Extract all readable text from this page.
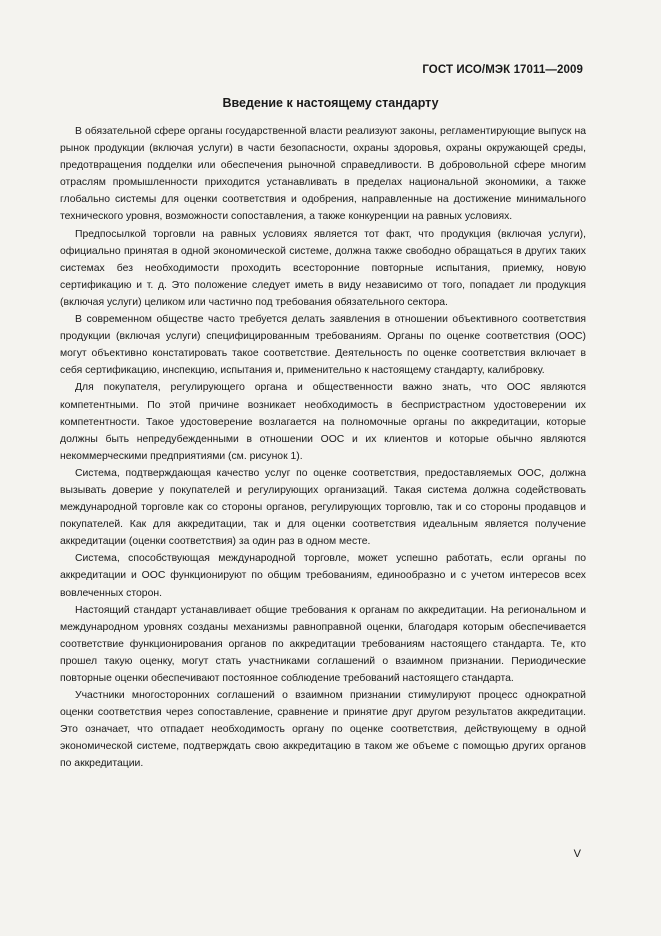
ГОСТ ИСО/МЭК 17011—2009
Введение к настоящему стандарту

В обязательной сфере органы государственной власти реализуют законы, регламентирующие выпуск на рынок продукции (включая услуги) в части безопасности, охраны здоровья, охраны окружающей среды, предотвращения подделки или обеспечения рыночной справедливости. В добровольной сфере многим отраслям промышленности приходится устанавливать в пределах национальной экономики, а также глобально системы для оценки соответствия и одобрения, направленные на достижение минимального технического уровня, возможности сопоставления, а также конкуренции на равных условиях.

Предпосылкой торговли на равных условиях является тот факт, что продукция (включая услуги), официально принятая в одной экономической системе, должна также свободно обращаться в других таких системах без необходимости проходить всесторонние повторные испытания, приемку, новую сертификацию и т. д. Это положение следует иметь в виду независимо от того, попадает ли продукция (включая услуги) целиком или частично под требования обязательного сектора.

В современном обществе часто требуется делать заявления в отношении объективного соответствия продукции (включая услуги) специфицированным требованиям. Органы по оценке соответствия (ООС) могут объективно констатировать такое соответствие. Деятельность по оценке соответствия включает в себя сертификацию, инспекцию, испытания и, применительно к настоящему стандарту, калибровку.

Для покупателя, регулирующего органа и общественности важно знать, что ООС являются компетентными. По этой причине возникает необходимость в беспристрастном удостоверении их компетентности. Такое удостоверение возлагается на полномочные органы по аккредитации, которые должны быть непредубежденными в отношении ООС и их клиентов и которые обычно являются некоммерческими предприятиями (см. рисунок 1).

Система, подтверждающая качество услуг по оценке соответствия, предоставляемых ООС, должна вызывать доверие у покупателей и регулирующих организаций. Такая система должна содействовать международной торговле как со стороны органов, регулирующих торговлю, так и со стороны продавцов и покупателей. Как для аккредитации, так и для оценки соответствия идеальным является получение аккредитации (оценки соответствия) за один раз в одном месте.

Система, способствующая международной торговле, может успешно работать, если органы по аккредитации и ООС функционируют по общим требованиям, единообразно и с учетом интересов всех вовлеченных сторон.

Настоящий стандарт устанавливает общие требования к органам по аккредитации. На региональном и международном уровнях созданы механизмы равноправной оценки, благодаря которым обеспечивается соответствие функционирования органов по аккредитации требованиям настоящего стандарта. Те, кто прошел такую оценку, могут стать участниками соглашений о взаимном признании. Периодические повторные оценки обеспечивают постоянное соблюдение требований настоящего стандарта.

Участники многосторонних соглашений о взаимном признании стимулируют процесс однократной оценки соответствия через сопоставление, сравнение и принятие друг другом результатов аккредитации. Это означает, что отпадает необходимость органу по оценке соответствия, действующему в одной экономической системе, подтверждать свою аккредитацию в таком же объеме с помощью других органов по аккредитации.

V
